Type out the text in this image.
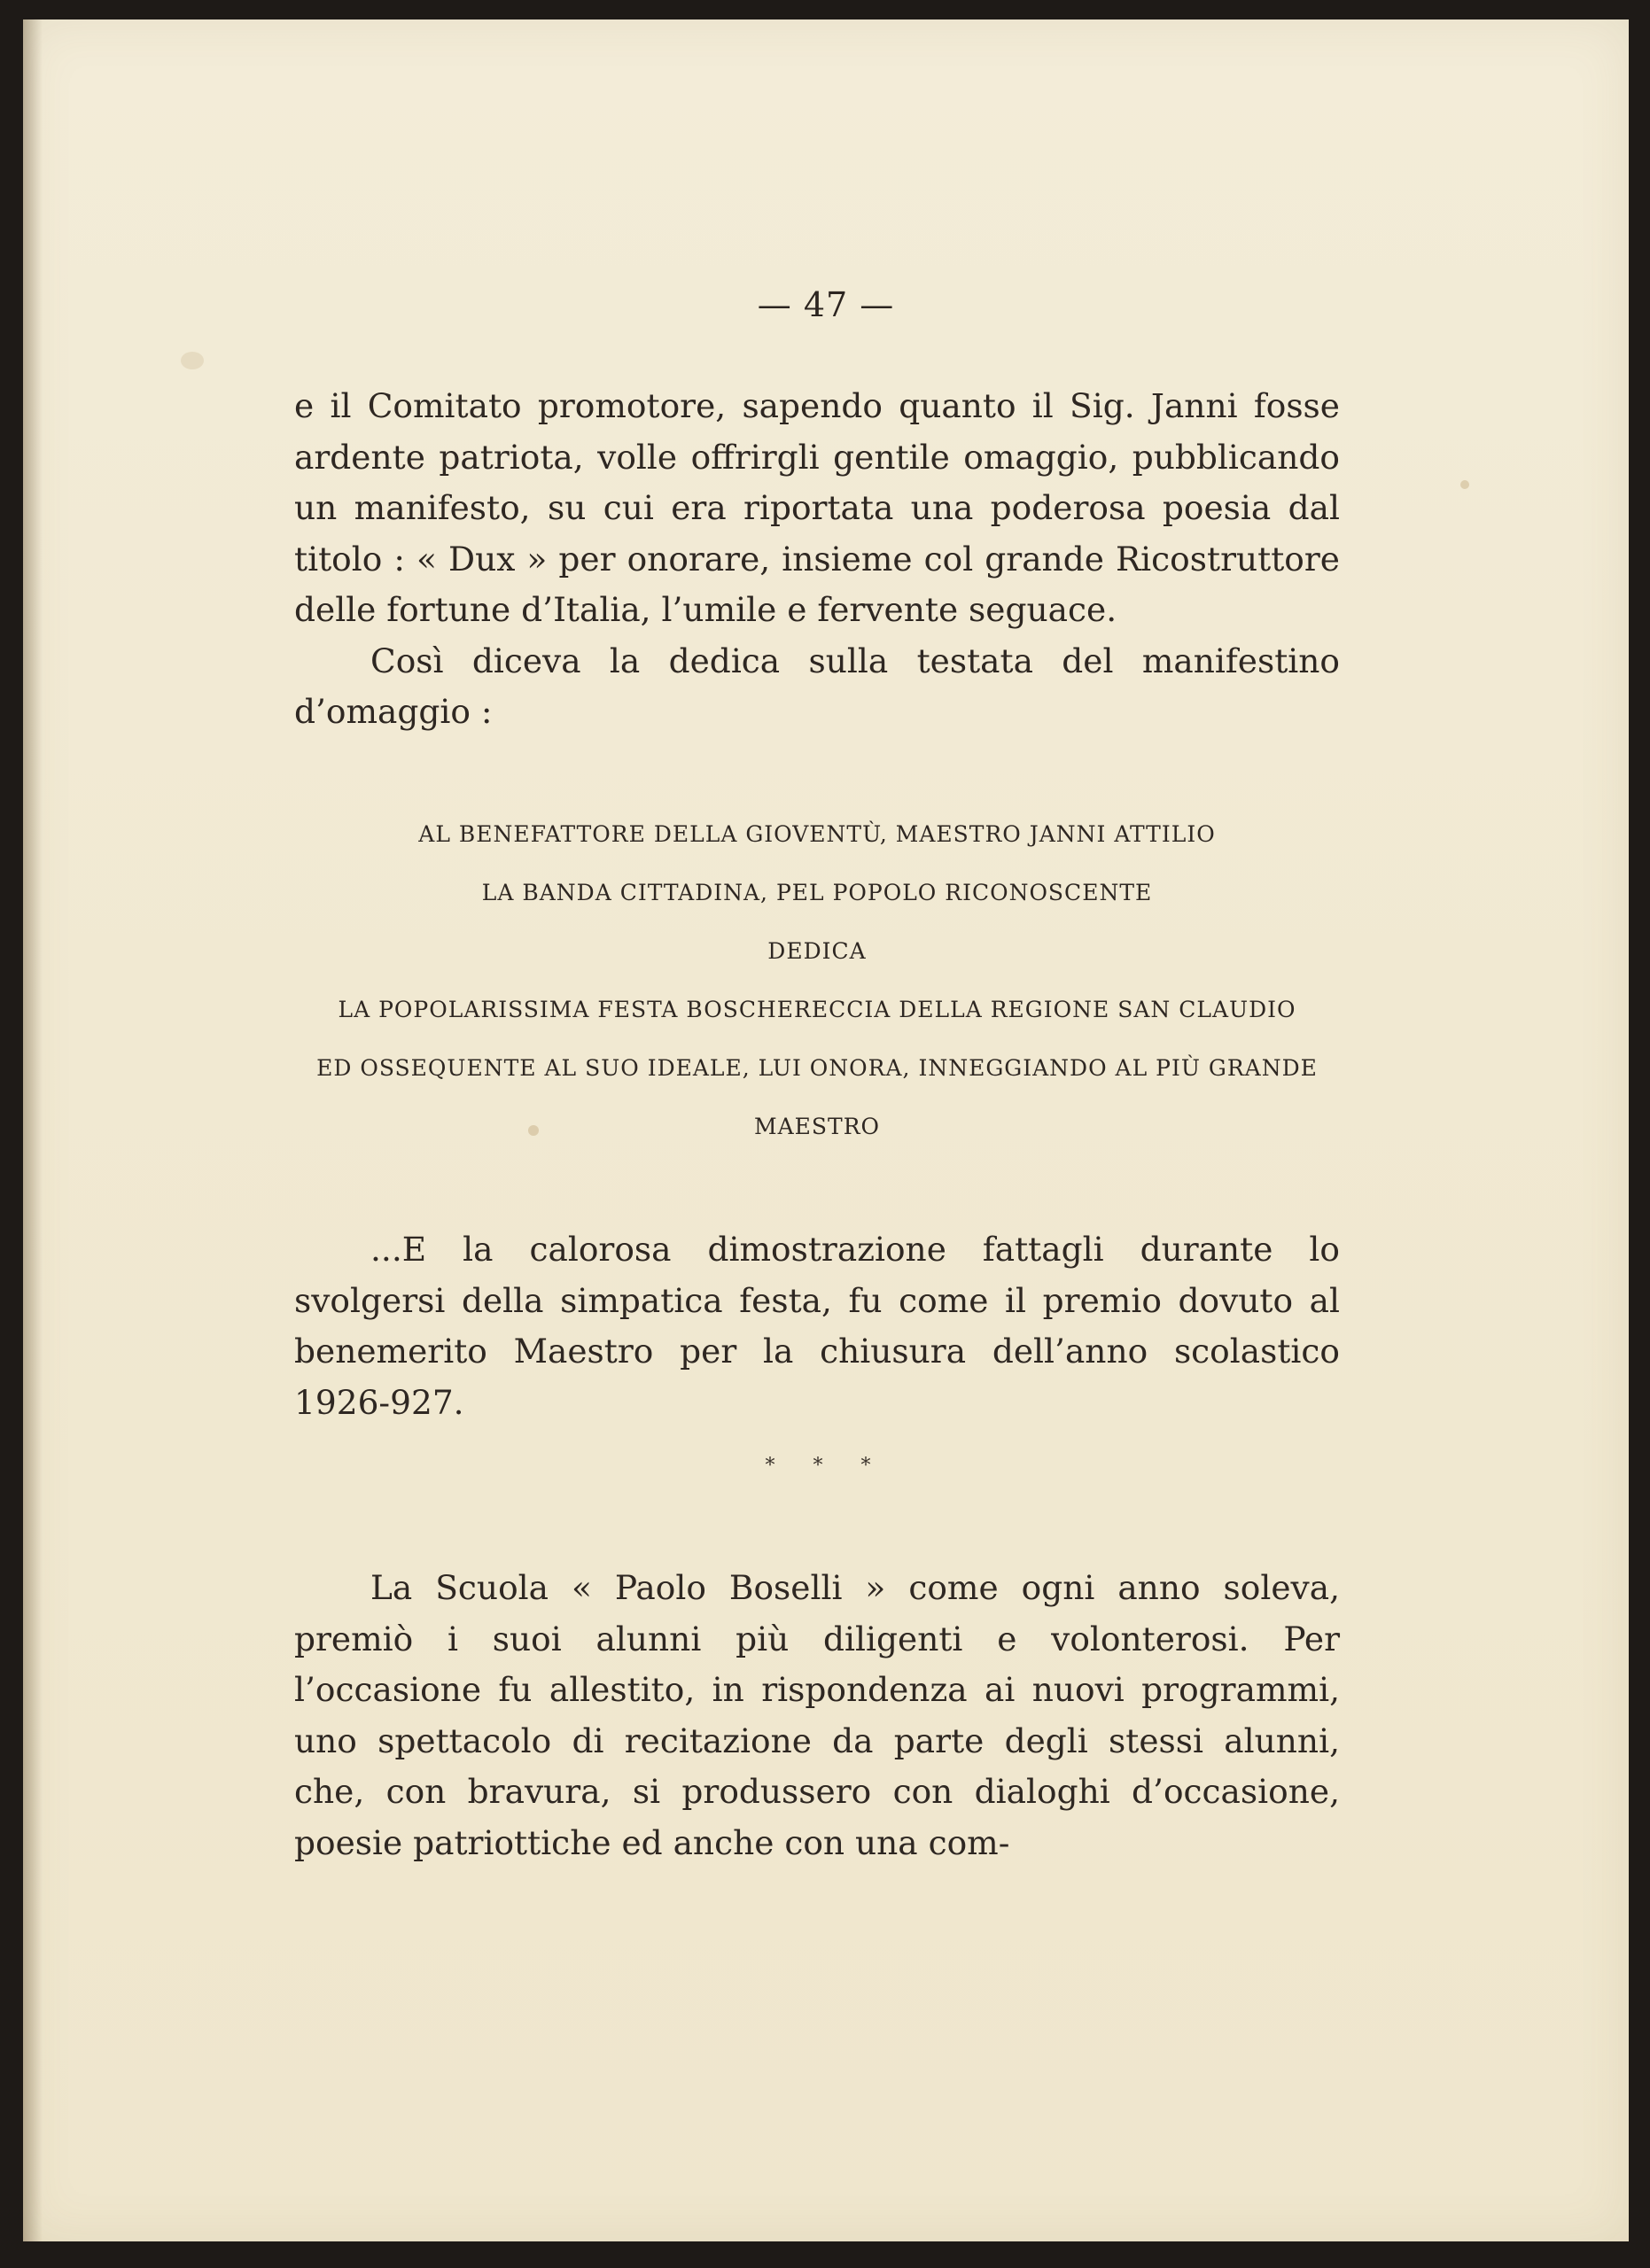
— 47 —

e il Comitato promotore, sapendo quanto il Sig. Janni fosse ardente patriota, volle offrirgli gentile omaggio, pubblicando un manifesto, su cui era riportata una poderosa poesia dal titolo : « Dux » per onorare, insieme col grande Ricostruttore delle fortune d’Italia, l’umile e fervente seguace.

Così diceva la dedica sulla testata del manifestino d’omaggio :

AL BENEFATTORE DELLA GIOVENTÙ, MAESTRO JANNI ATTILIO
LA BANDA CITTADINA, PEL POPOLO RICONOSCENTE
DEDICA
LA POPOLARISSIMA FESTA BOSCHERECCIA DELLA REGIONE SAN CLAUDIO
ED OSSEQUENTE AL SUO IDEALE, LUI ONORA, INNEGGIANDO AL PIÙ GRANDE
MAESTRO

...E la calorosa dimostrazione fattagli durante lo svolgersi della simpatica festa, fu come il premio dovuto al benemerito Maestro per la chiusura dell’anno scolastico 1926-927.

* * *

La Scuola « Paolo Boselli » come ogni anno soleva, premiò i suoi alunni più diligenti e volonterosi. Per l’occasione fu allestito, in rispondenza ai nuovi programmi, uno spettacolo di recitazione da parte degli stessi alunni, che, con bravura, si produssero con dialoghi d’occasione, poesie patriottiche ed anche con una com-
